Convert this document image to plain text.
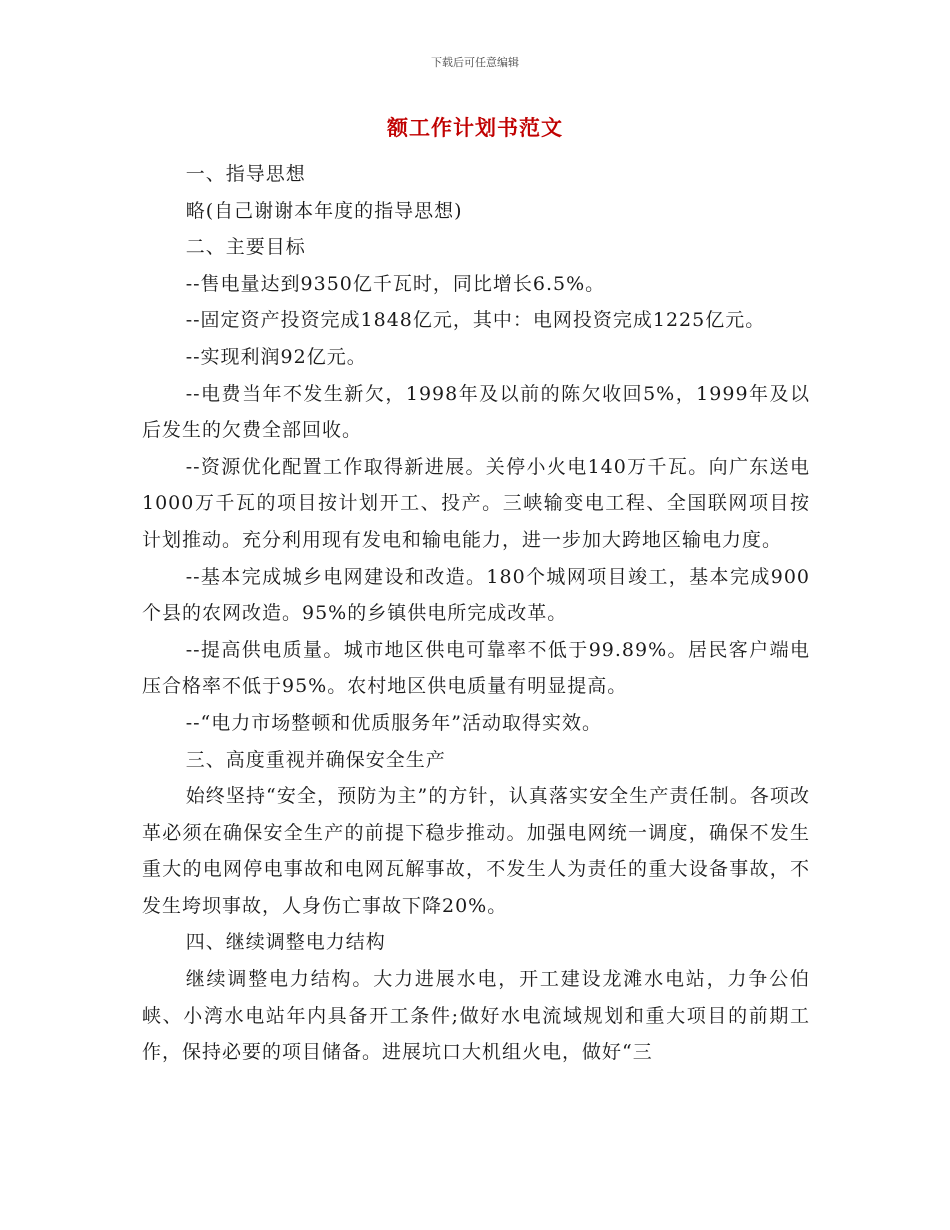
下载后可任意编辑
额工作计划书范文

一、指导思想

略(自己谢谢本年度的指导思想)

二、主要目标

--售电量达到9350亿千瓦时，同比增长6.5%。

--固定资产投资完成1848亿元，其中：电网投资完成1225亿元。

--实现利润92亿元。

--电费当年不发生新欠，1998年及以前的陈欠收回5%，1999年及以后发生的欠费全部回收。

--资源优化配置工作取得新进展。关停小火电140万千瓦。向广东送电1000万千瓦的项目按计划开工、投产。三峡输变电工程、全国联网项目按计划推动。充分利用现有发电和输电能力，进一步加大跨地区输电力度。

--基本完成城乡电网建设和改造。180个城网项目竣工，基本完成900个县的农网改造。95%的乡镇供电所完成改革。

--提高供电质量。城市地区供电可靠率不低于99.89%。居民客户端电压合格率不低于95%。农村地区供电质量有明显提高。

--“电力市场整顿和优质服务年”活动取得实效。

三、高度重视并确保安全生产

始终坚持“安全，预防为主”的方针，认真落实安全生产责任制。各项改革必须在确保安全生产的前提下稳步推动。加强电网统一调度，确保不发生重大的电网停电事故和电网瓦解事故，不发生人为责任的重大设备事故，不发生垮坝事故，人身伤亡事故下降20%。

四、继续调整电力结构

继续调整电力结构。大力进展水电，开工建设龙滩水电站，力争公伯峡、小湾水电站年内具备开工条件;做好水电流域规划和重大项目的前期工作，保持必要的项目储备。进展坑口大机组火电，做好“三
